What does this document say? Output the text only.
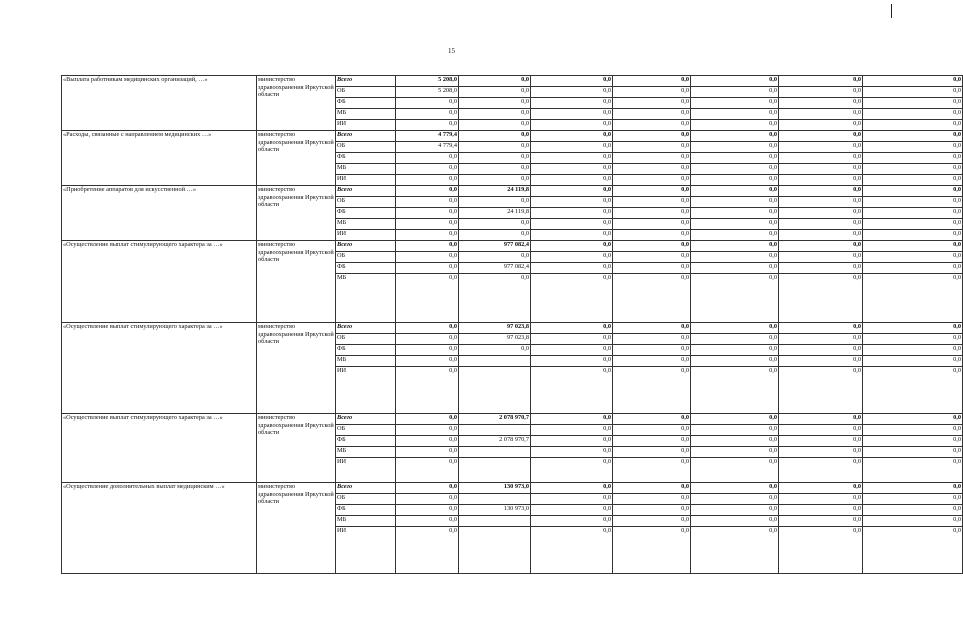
15
«Выплата работникам медицинских организаций, …»	министерство здравоохранения Иркутской области	Всего	5 208,0	0,0	0,0	0,0	0,0	0,0	0,0
		ОБ	5 208,0	0,0	0,0	0,0	0,0	0,0	0,0
		ФБ	0,0	0,0	0,0	0,0	0,0	0,0	0,0
		МБ	0,0	0,0	0,0	0,0	0,0	0,0	0,0
		ИИ	0,0	0,0	0,0	0,0	0,0	0,0	0,0
«Расходы, связанные с направлением медицинских …»	министерство здравоохранения Иркутской области	Всего	4 779,4	0,0	0,0	0,0	0,0	0,0	0,0
		ОБ	4 779,4	0,0	0,0	0,0	0,0	0,0	0,0
		ФБ	0,0	0,0	0,0	0,0	0,0	0,0	0,0
		МБ	0,0	0,0	0,0	0,0	0,0	0,0	0,0
		ИИ	0,0	0,0	0,0	0,0	0,0	0,0	0,0
«Приобретение аппаратов для искусственной …»	министерство здравоохранения Иркутской области	Всего	0,0	24 119,8	0,0	0,0	0,0	0,0	0,0
		ОБ	0,0	0,0	0,0	0,0	0,0	0,0	0,0
		ФБ	0,0	24 119,8	0,0	0,0	0,0	0,0	0,0
		МБ	0,0	0,0	0,0	0,0	0,0	0,0	0,0
		ИИ	0,0	0,0	0,0	0,0	0,0	0,0	0,0
«Осуществление выплат стимулирующего характера за …»	министерство здравоохранения Иркутской области	Всего	0,0	977 082,4	0,0	0,0	0,0	0,0	0,0
		ОБ	0,0	0,0	0,0	0,0	0,0	0,0	0,0
		ФБ	0,0	977 082,4	0,0	0,0	0,0	0,0	0,0
		МБ	0,0	0,0	0,0	0,0	0,0	0,0	0,0
«Осуществление выплат стимулирующего характера за …»	министерство здравоохранения Иркутской области	Всего	0,0	97 023,8	0,0	0,0	0,0	0,0	0,0
		ОБ	0,0	97 023,8	0,0	0,0	0,0	0,0	0,0
		ФБ	0,0	0,0	0,0	0,0	0,0	0,0	0,0
		МБ	0,0		0,0	0,0	0,0	0,0	0,0
		ИИ	0,0		0,0	0,0	0,0	0,0	0,0
«Осуществление выплат стимулирующего характера за …»	министерство здравоохранения Иркутской области	Всего	0,0	2 078 970,7	0,0	0,0	0,0	0,0	0,0
		ОБ	0,0		0,0	0,0	0,0	0,0	0,0
		ФБ	0,0	2 078 970,7	0,0	0,0	0,0	0,0	0,0
		МБ	0,0		0,0	0,0	0,0	0,0	0,0
		ИИ	0,0		0,0	0,0	0,0	0,0	0,0
«Осуществление дополнительных выплат медицинским …»	министерство здравоохранения Иркутской области	Всего	0,0	130 973,0	0,0	0,0	0,0	0,0	0,0
		ОБ	0,0		0,0	0,0	0,0	0,0	0,0
		ФБ	0,0	130 973,0	0,0	0,0	0,0	0,0	0,0
		МБ	0,0		0,0	0,0	0,0	0,0	0,0
		ИИ	0,0		0,0	0,0	0,0	0,0	0,0
